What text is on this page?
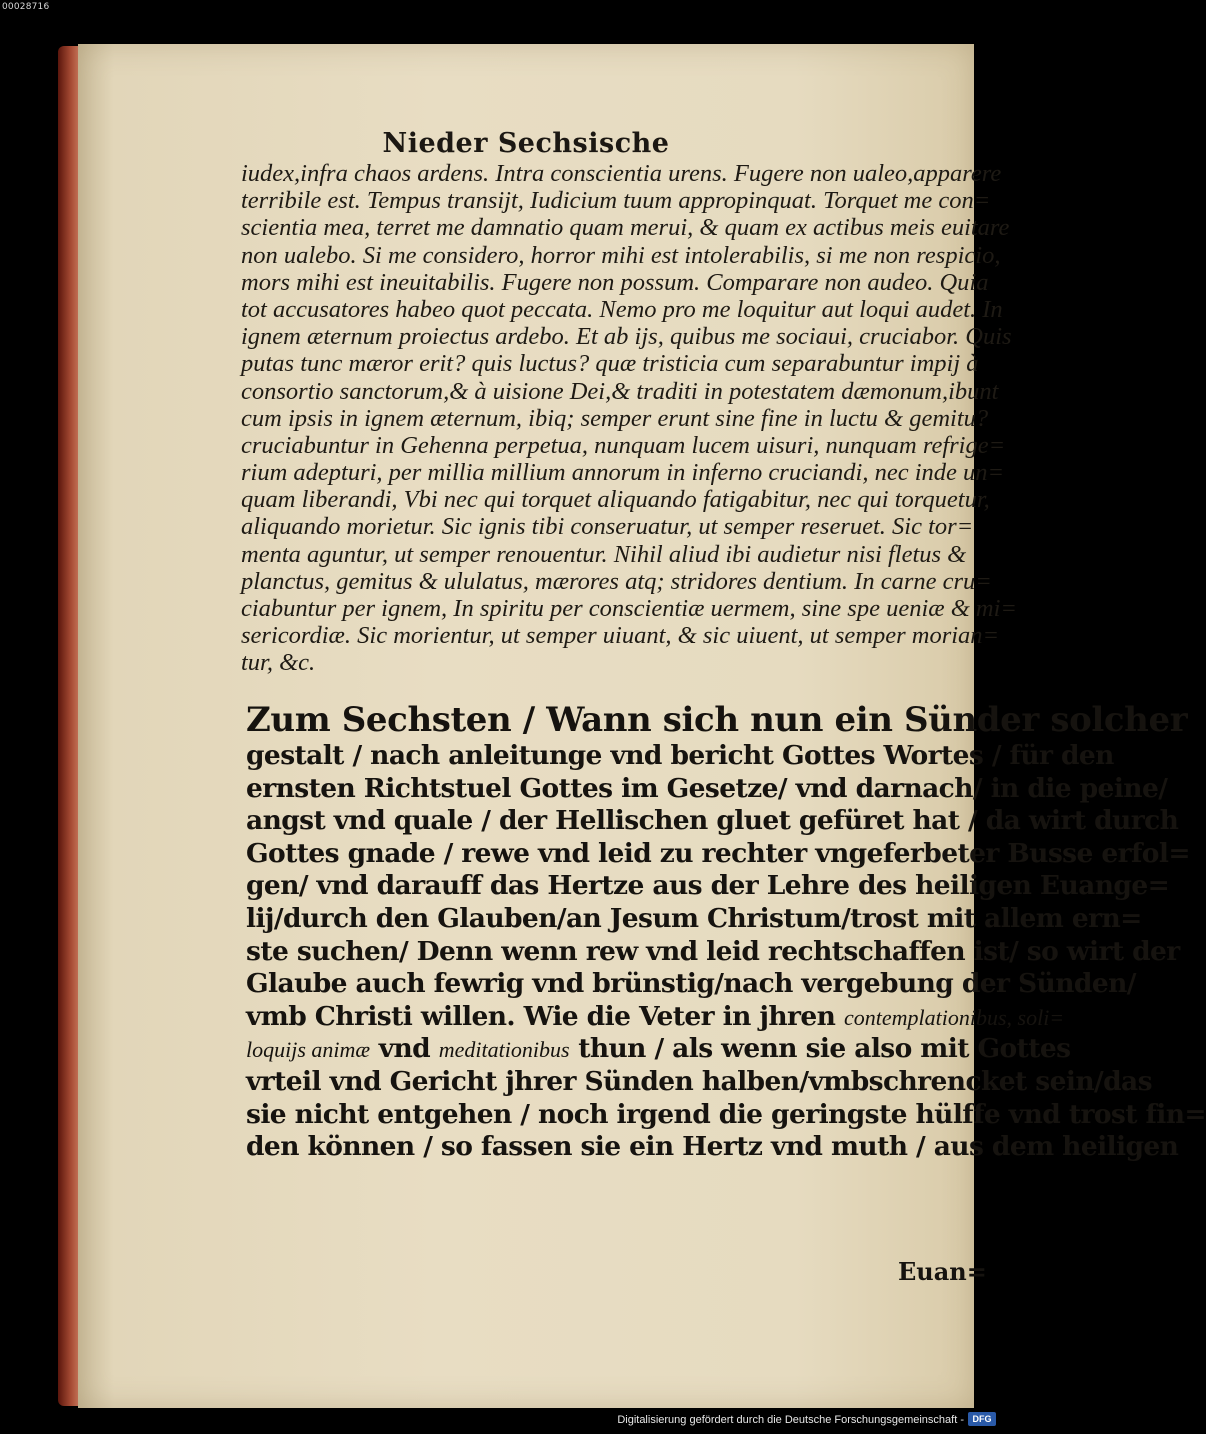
00028716
Nieder Sechsische
iudex,infra chaos ardens. Intra conscientia urens. Fugere non ualeo,apparere
terribile est. Tempus transijt, Iudicium tuum appropinquat. Torquet me con=
scientia mea, terret me damnatio quam merui, & quam ex actibus meis euitare
non ualebo. Si me considero, horror mihi est intolerabilis, si me non respicio,
mors mihi est ineuitabilis. Fugere non possum. Comparare non audeo. Quia
tot accusatores habeo quot peccata. Nemo pro me loquitur aut loqui audet. In
ignem æternum proiectus ardebo. Et ab ijs, quibus me sociaui, cruciabor. Quis
putas tunc mæror erit? quis luctus? quæ tristicia cum separabuntur impij à
consortio sanctorum,& à uisione Dei,& traditi in potestatem dæmonum,ibunt
cum ipsis in ignem æternum, ibiq; semper erunt sine fine in luctu & gemitu?
cruciabuntur in Gehenna perpetua, nunquam lucem uisuri, nunquam refrige=
rium adepturi, per millia millium annorum in inferno cruciandi, nec inde un=
quam liberandi, Vbi nec qui torquet aliquando fatigabitur, nec qui torquetur,
aliquando morietur. Sic ignis tibi conseruatur, ut semper reseruet. Sic tor=
menta aguntur, ut semper renouentur. Nihil aliud ibi audietur nisi fletus &
planctus, gemitus & ululatus, mærores atq; stridores dentium. In carne cru=
ciabuntur per ignem, In spiritu per conscientiæ uermem, sine spe ueniæ & mi=
sericordiæ. Sic morientur, ut semper uiuant, & sic uiuent, ut semper morian=
tur, &c.
Zum Sechsten / Wann sich nun ein Sünder solcher
gestalt / nach anleitunge vnd bericht Gottes Wortes / für den
ernsten Richtstuel Gottes im Gesetze/ vnd darnach/ in die peine/
angst vnd quale / der Hellischen gluet gefüret hat / da wirt durch
Gottes gnade / rewe vnd leid zu rechter vngeferbeter Busse erfol=
gen/ vnd darauff das Hertze aus der Lehre des heiligen Euange=
lij/durch den Glauben/an Jesum Christum/trost mit allem ern=
ste suchen/ Denn wenn rew vnd leid rechtschaffen ist/ so wirt der
Glaube auch fewrig vnd brünstig/nach vergebung der Sünden/
vmb Christi willen. Wie die Veter in jhren contemplationibus, soli=
loquijs animæ vnd meditationibus thun / als wenn sie also mit Gottes
vrteil vnd Gericht jhrer Sünden halben/vmbschrencket sein/das
sie nicht entgehen / noch irgend die geringste hülffe vnd trost fin=
den können / so fassen sie ein Hertz vnd muth / aus dem heiligen
Euan=
Digitalisierung gefördert durch die Deutsche Forschungsgemeinschaft - DFG
